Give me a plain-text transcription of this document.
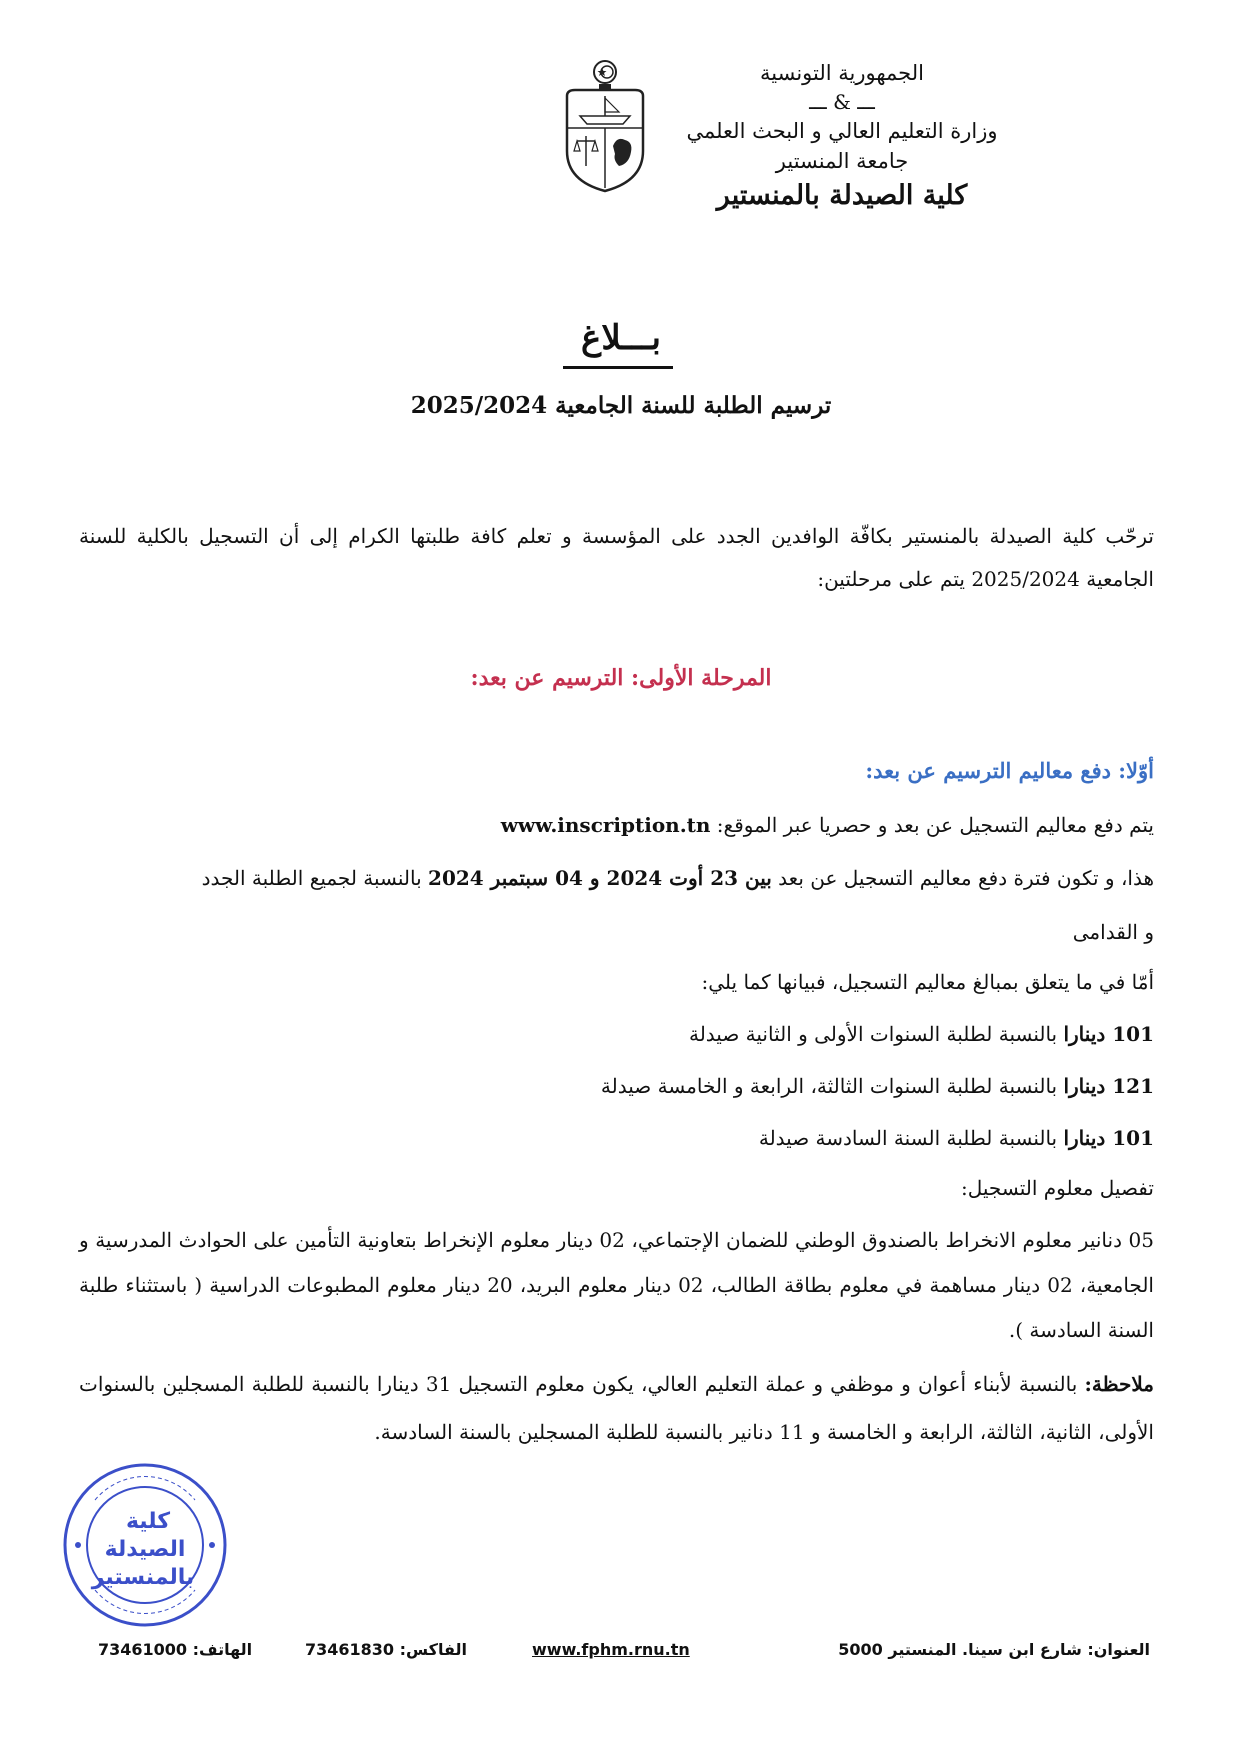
الجمهورية التونسية
ـــ & ـــ
وزارة التعليم العالي و البحث العلمي
جامعة المنستير
كلية الصيدلة بالمنستير
بـــلاغ
ترسيم الطلبة للسنة الجامعية 2025/2024
ترحّب كلية الصيدلة بالمنستير بكافّة الوافدين الجدد على المؤسسة و تعلم كافة طلبتها الكرام إلى أن التسجيل بالكلية للسنة الجامعية 2025/2024 يتم على مرحلتين:
المرحلة الأولى: الترسيم عن بعد:
أوّلا: دفع معاليم الترسيم عن بعد:
يتم دفع معاليم التسجيل عن بعد و حصريا عبر الموقع: www.inscription.tn
هذا، و تكون فترة دفع معاليم التسجيل عن بعد بين 23 أوت 2024 و 04 سبتمبر 2024 بالنسبة لجميع الطلبة الجدد
و القدامى
أمّا في ما يتعلق بمبالغ معاليم التسجيل، فبيانها كما يلي:
101 دينارا بالنسبة لطلبة السنوات الأولى و الثانية صيدلة
121 دينارا بالنسبة لطلبة السنوات الثالثة، الرابعة و الخامسة صيدلة
101 دينارا بالنسبة لطلبة السنة السادسة صيدلة
تفصيل معلوم التسجيل:
05 دنانير معلوم الانخراط بالصندوق الوطني للضمان الإجتماعي، 02 دينار معلوم الإنخراط بتعاونية التأمين على الحوادث المدرسية و الجامعية، 02 دينار مساهمة في معلوم بطاقة الطالب، 02 دينار معلوم البريد، 20 دينار معلوم المطبوعات الدراسية ( باستثناء طلبة السنة السادسة ).
ملاحظة: بالنسبة لأبناء أعوان و موظفي و عملة التعليم العالي، يكون معلوم التسجيل 31 دينارا بالنسبة للطلبة المسجلين بالسنوات الأولى، الثانية، الثالثة، الرابعة و الخامسة و 11 دنانير بالنسبة للطلبة المسجلين بالسنة السادسة.
كلية
الصيدلة
بالمنستير
العنوان: شارع ابن سينا. المنستير 5000
www.fphm.rnu.tn
الفاكس: 73461830
الهاتف: 73461000
